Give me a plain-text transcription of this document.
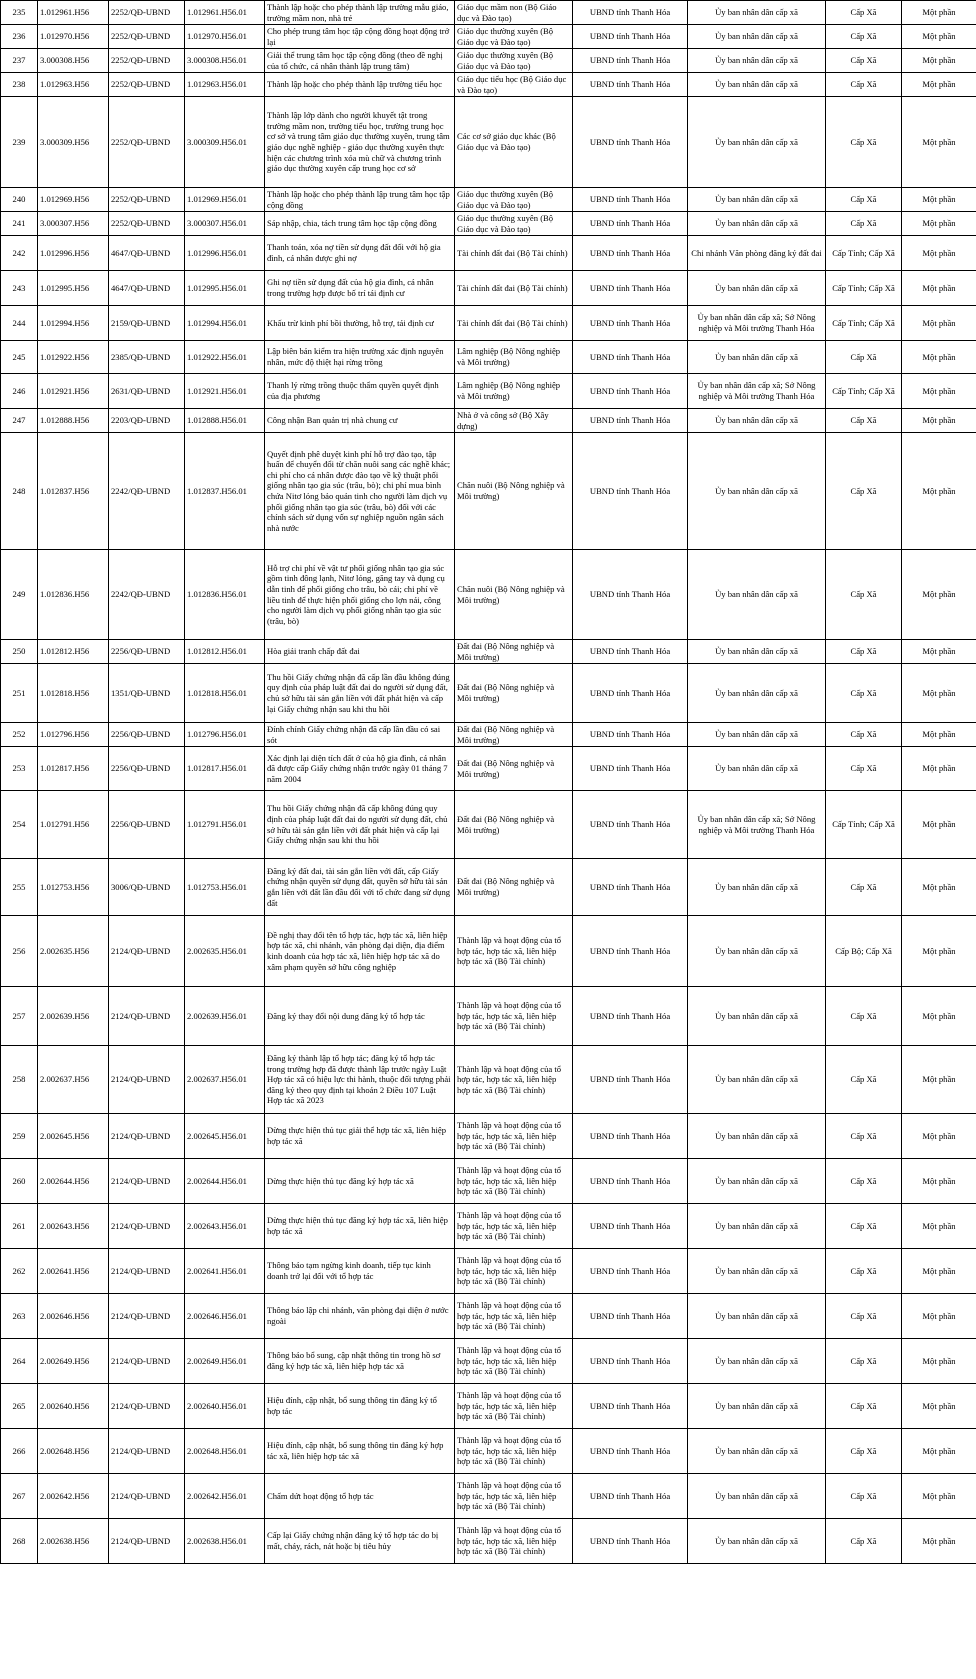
235	1.012961.H56	2252/QĐ-UBND	1.012961.H56.01	Thành lập hoặc cho phép thành lập trường mẫu giáo, trường mầm non, nhà trẻ	Giáo dục mầm non (Bộ Giáo dục và Đào tạo)	UBND tỉnh Thanh Hóa	Ủy ban nhân dân cấp xã	Cấp Xã	Một phần
236	1.012970.H56	2252/QĐ-UBND	1.012970.H56.01	Cho phép trung tâm học tập cộng đồng hoạt động trở lại	Giáo dục thường xuyên (Bộ Giáo dục và Đào tạo)	UBND tỉnh Thanh Hóa	Ủy ban nhân dân cấp xã	Cấp Xã	Một phần
237	3.000308.H56	2252/QĐ-UBND	3.000308.H56.01	Giải thể trung tâm học tập cộng đồng (theo đề nghị của tổ chức, cá nhân thành lập trung tâm)	Giáo dục thường xuyên (Bộ Giáo dục và Đào tạo)	UBND tỉnh Thanh Hóa	Ủy ban nhân dân cấp xã	Cấp Xã	Một phần
238	1.012963.H56	2252/QĐ-UBND	1.012963.H56.01	Thành lập hoặc cho phép thành lập trường tiểu học	Giáo dục tiểu học (Bộ Giáo dục và Đào tạo)	UBND tỉnh Thanh Hóa	Ủy ban nhân dân cấp xã	Cấp Xã	Một phần
239	3.000309.H56	2252/QĐ-UBND	3.000309.H56.01	Thành lập lớp dành cho người khuyết tật trong trường mầm non, trường tiểu học, trường trung học cơ sở và trung tâm giáo dục thường xuyên, trung tâm giáo dục nghề nghiệp - giáo dục thường xuyên thực hiện các chương trình xóa mù chữ và chương trình giáo dục thường xuyên cấp trung học cơ sở	Các cơ sở giáo dục khác (Bộ Giáo dục và Đào tạo)	UBND tỉnh Thanh Hóa	Ủy ban nhân dân cấp xã	Cấp Xã	Một phần
240	1.012969.H56	2252/QĐ-UBND	1.012969.H56.01	Thành lập hoặc cho phép thành lập trung tâm học tập cộng đồng	Giáo dục thường xuyên (Bộ Giáo dục và Đào tạo)	UBND tỉnh Thanh Hóa	Ủy ban nhân dân cấp xã	Cấp Xã	Một phần
241	3.000307.H56	2252/QĐ-UBND	3.000307.H56.01	Sáp nhập, chia, tách trung tâm học tập cộng đồng	Giáo dục thường xuyên (Bộ Giáo dục và Đào tạo)	UBND tỉnh Thanh Hóa	Ủy ban nhân dân cấp xã	Cấp Xã	Một phần
242	1.012996.H56	4647/QĐ-UBND	1.012996.H56.01	Thanh toán, xóa nợ tiền sử dụng đất đối với hộ gia đình, cá nhân được ghi nợ	Tài chính đất đai (Bộ Tài chính)	UBND tỉnh Thanh Hóa	Chi nhánh Văn phòng đăng ký đất đai	Cấp Tỉnh; Cấp Xã	Một phần
243	1.012995.H56	4647/QĐ-UBND	1.012995.H56.01	Ghi nợ tiền sử dụng đất của hộ gia đình, cá nhân trong trường hợp được bố trí tái định cư	Tài chính đất đai (Bộ Tài chính)	UBND tỉnh Thanh Hóa	Ủy ban nhân dân cấp xã	Cấp Tỉnh; Cấp Xã	Một phần
244	1.012994.H56	2159/QĐ-UBND	1.012994.H56.01	Khấu trừ kinh phí bồi thường, hỗ trợ, tái định cư	Tài chính đất đai (Bộ Tài chính)	UBND tỉnh Thanh Hóa	Ủy ban nhân dân cấp xã; Sở Nông nghiệp và Môi trường Thanh Hóa	Cấp Tỉnh; Cấp Xã	Một phần
245	1.012922.H56	2385/QĐ-UBND	1.012922.H56.01	Lập biên bản kiểm tra hiện trường xác định nguyên nhân, mức độ thiệt hại rừng trồng	Lâm nghiệp (Bộ Nông nghiệp và Môi trường)	UBND tỉnh Thanh Hóa	Ủy ban nhân dân cấp xã	Cấp Xã	Một phần
246	1.012921.H56	2631/QĐ-UBND	1.012921.H56.01	Thanh lý rừng trồng thuộc thẩm quyền quyết định của địa phương	Lâm nghiệp (Bộ Nông nghiệp và Môi trường)	UBND tỉnh Thanh Hóa	Ủy ban nhân dân cấp xã; Sở Nông nghiệp và Môi trường Thanh Hóa	Cấp Tỉnh; Cấp Xã	Một phần
247	1.012888.H56	2203/QĐ-UBND	1.012888.H56.01	Công nhận Ban quản trị nhà chung cư	Nhà ở và công sở (Bộ Xây dựng)	UBND tỉnh Thanh Hóa	Ủy ban nhân dân cấp xã	Cấp Xã	Một phần
248	1.012837.H56	2242/QĐ-UBND	1.012837.H56.01	Quyết định phê duyệt kinh phí hỗ trợ đào tạo, tập huấn để chuyển đổi từ chăn nuôi sang các nghề khác; chi phí cho cá nhân được đào tạo về kỹ thuật phối giống nhân tạo gia súc (trâu, bò); chi phí mua bình chứa Nitơ lỏng bảo quản tinh cho người làm dịch vụ phối giống nhân tạo gia súc (trâu, bò) đối với các chính sách sử dụng vốn sự nghiệp nguồn ngân sách nhà nước	Chăn nuôi (Bộ Nông nghiệp và Môi trường)	UBND tỉnh Thanh Hóa	Ủy ban nhân dân cấp xã	Cấp Xã	Một phần
249	1.012836.H56	2242/QĐ-UBND	1.012836.H56.01	Hỗ trợ chi phí về vật tư phối giống nhân tạo gia súc gồm tinh đông lạnh, Nitơ lỏng, găng tay và dụng cụ dẫn tinh để phối giống cho trâu, bò cái; chi phí về liều tinh để thực hiện phối giống cho lợn nái, công cho người làm dịch vụ phối giống nhân tạo gia súc (trâu, bò)	Chăn nuôi (Bộ Nông nghiệp và Môi trường)	UBND tỉnh Thanh Hóa	Ủy ban nhân dân cấp xã	Cấp Xã	Một phần
250	1.012812.H56	2256/QĐ-UBND	1.012812.H56.01	Hòa giải tranh chấp đất đai	Đất đai (Bộ Nông nghiệp và Môi trường)	UBND tỉnh Thanh Hóa	Ủy ban nhân dân cấp xã	Cấp Xã	Một phần
251	1.012818.H56	1351/QĐ-UBND	1.012818.H56.01	Thu hồi Giấy chứng nhận đã cấp lần đầu không đúng quy định của pháp luật đất đai do người sử dụng đất, chủ sở hữu tài sản gắn liền với đất phát hiện và cấp lại Giấy chứng nhận sau khi thu hồi	Đất đai (Bộ Nông nghiệp và Môi trường)	UBND tỉnh Thanh Hóa	Ủy ban nhân dân cấp xã	Cấp Xã	Một phần
252	1.012796.H56	2256/QĐ-UBND	1.012796.H56.01	Đính chính Giấy chứng nhận đã cấp lần đầu có sai sót	Đất đai (Bộ Nông nghiệp và Môi trường)	UBND tỉnh Thanh Hóa	Ủy ban nhân dân cấp xã	Cấp Xã	Một phần
253	1.012817.H56	2256/QĐ-UBND	1.012817.H56.01	Xác định lại diện tích đất ở của hộ gia đình, cá nhân đã được cấp Giấy chứng nhận trước ngày 01 tháng 7 năm 2004	Đất đai (Bộ Nông nghiệp và Môi trường)	UBND tỉnh Thanh Hóa	Ủy ban nhân dân cấp xã	Cấp Xã	Một phần
254	1.012791.H56	2256/QĐ-UBND	1.012791.H56.01	Thu hồi Giấy chứng nhận đã cấp không đúng quy định của pháp luật đất đai do người sử dụng đất, chủ sở hữu tài sản gắn liền với đất phát hiện và cấp lại Giấy chứng nhận sau khi thu hồi	Đất đai (Bộ Nông nghiệp và Môi trường)	UBND tỉnh Thanh Hóa	Ủy ban nhân dân cấp xã; Sở Nông nghiệp và Môi trường Thanh Hóa	Cấp Tỉnh; Cấp Xã	Một phần
255	1.012753.H56	3006/QĐ-UBND	1.012753.H56.01	Đăng ký đất đai, tài sản gắn liền với đất, cấp Giấy chứng nhận quyền sử dụng đất, quyền sở hữu tài sản gắn liền với đất lần đầu đối với tổ chức đang sử dụng đất	Đất đai (Bộ Nông nghiệp và Môi trường)	UBND tỉnh Thanh Hóa	Ủy ban nhân dân cấp xã	Cấp Xã	Một phần
256	2.002635.H56	2124/QĐ-UBND	2.002635.H56.01	Đề nghị thay đổi tên tổ hợp tác, hợp tác xã, liên hiệp hợp tác xã, chi nhánh, văn phòng đại diện, địa điểm kinh doanh của hợp tác xã, liên hiệp hợp tác xã do xâm phạm quyền sở hữu công nghiệp	Thành lập và hoạt động của tổ hợp tác, hợp tác xã, liên hiệp hợp tác xã (Bộ Tài chính)	UBND tỉnh Thanh Hóa	Ủy ban nhân dân cấp xã	Cấp Bộ; Cấp Xã	Một phần
257	2.002639.H56	2124/QĐ-UBND	2.002639.H56.01	Đăng ký thay đổi nội dung đăng ký tổ hợp tác	Thành lập và hoạt động của tổ hợp tác, hợp tác xã, liên hiệp hợp tác xã (Bộ Tài chính)	UBND tỉnh Thanh Hóa	Ủy ban nhân dân cấp xã	Cấp Xã	Một phần
258	2.002637.H56	2124/QĐ-UBND	2.002637.H56.01	Đăng ký thành lập tổ hợp tác; đăng ký tổ hợp tác trong trường hợp đã được thành lập trước ngày Luật Hợp tác xã có hiệu lực thi hành, thuộc đối tượng phải đăng ký theo quy định tại khoản 2 Điều 107 Luật Hợp tác xã 2023	Thành lập và hoạt động của tổ hợp tác, hợp tác xã, liên hiệp hợp tác xã (Bộ Tài chính)	UBND tỉnh Thanh Hóa	Ủy ban nhân dân cấp xã	Cấp Xã	Một phần
259	2.002645.H56	2124/QĐ-UBND	2.002645.H56.01	Dừng thực hiện thủ tục giải thể hợp tác xã, liên hiệp hợp tác xã	Thành lập và hoạt động của tổ hợp tác, hợp tác xã, liên hiệp hợp tác xã (Bộ Tài chính)	UBND tỉnh Thanh Hóa	Ủy ban nhân dân cấp xã	Cấp Xã	Một phần
260	2.002644.H56	2124/QĐ-UBND	2.002644.H56.01	Dừng thực hiện thủ tục đăng ký hợp tác xã	Thành lập và hoạt động của tổ hợp tác, hợp tác xã, liên hiệp hợp tác xã (Bộ Tài chính)	UBND tỉnh Thanh Hóa	Ủy ban nhân dân cấp xã	Cấp Xã	Một phần
261	2.002643.H56	2124/QĐ-UBND	2.002643.H56.01	Dừng thực hiện thủ tục đăng ký hợp tác xã, liên hiệp hợp tác xã	Thành lập và hoạt động của tổ hợp tác, hợp tác xã, liên hiệp hợp tác xã (Bộ Tài chính)	UBND tỉnh Thanh Hóa	Ủy ban nhân dân cấp xã	Cấp Xã	Một phần
262	2.002641.H56	2124/QĐ-UBND	2.002641.H56.01	Thông báo tạm ngừng kinh doanh, tiếp tục kinh doanh trở lại đối với tổ hợp tác	Thành lập và hoạt động của tổ hợp tác, hợp tác xã, liên hiệp hợp tác xã (Bộ Tài chính)	UBND tỉnh Thanh Hóa	Ủy ban nhân dân cấp xã	Cấp Xã	Một phần
263	2.002646.H56	2124/QĐ-UBND	2.002646.H56.01	Thông báo lập chi nhánh, văn phòng đại diện ở nước ngoài	Thành lập và hoạt động của tổ hợp tác, hợp tác xã, liên hiệp hợp tác xã (Bộ Tài chính)	UBND tỉnh Thanh Hóa	Ủy ban nhân dân cấp xã	Cấp Xã	Một phần
264	2.002649.H56	2124/QĐ-UBND	2.002649.H56.01	Thông báo bổ sung, cập nhật thông tin trong hồ sơ đăng ký hợp tác xã, liên hiệp hợp tác xã	Thành lập và hoạt động của tổ hợp tác, hợp tác xã, liên hiệp hợp tác xã (Bộ Tài chính)	UBND tỉnh Thanh Hóa	Ủy ban nhân dân cấp xã	Cấp Xã	Một phần
265	2.002640.H56	2124/QĐ-UBND	2.002640.H56.01	Hiệu đính, cập nhật, bổ sung thông tin đăng ký tổ hợp tác	Thành lập và hoạt động của tổ hợp tác, hợp tác xã, liên hiệp hợp tác xã (Bộ Tài chính)	UBND tỉnh Thanh Hóa	Ủy ban nhân dân cấp xã	Cấp Xã	Một phần
266	2.002648.H56	2124/QĐ-UBND	2.002648.H56.01	Hiệu đính, cập nhật, bổ sung thông tin đăng ký hợp tác xã, liên hiệp hợp tác xã	Thành lập và hoạt động của tổ hợp tác, hợp tác xã, liên hiệp hợp tác xã (Bộ Tài chính)	UBND tỉnh Thanh Hóa	Ủy ban nhân dân cấp xã	Cấp Xã	Một phần
267	2.002642.H56	2124/QĐ-UBND	2.002642.H56.01	Chấm dứt hoạt động tổ hợp tác	Thành lập và hoạt động của tổ hợp tác, hợp tác xã, liên hiệp hợp tác xã (Bộ Tài chính)	UBND tỉnh Thanh Hóa	Ủy ban nhân dân cấp xã	Cấp Xã	Một phần
268	2.002638.H56	2124/QĐ-UBND	2.002638.H56.01	Cấp lại Giấy chứng nhận đăng ký tổ hợp tác do bị mất, cháy, rách, nát hoặc bị tiêu hủy	Thành lập và hoạt động của tổ hợp tác, hợp tác xã, liên hiệp hợp tác xã (Bộ Tài chính)	UBND tỉnh Thanh Hóa	Ủy ban nhân dân cấp xã	Cấp Xã	Một phần
